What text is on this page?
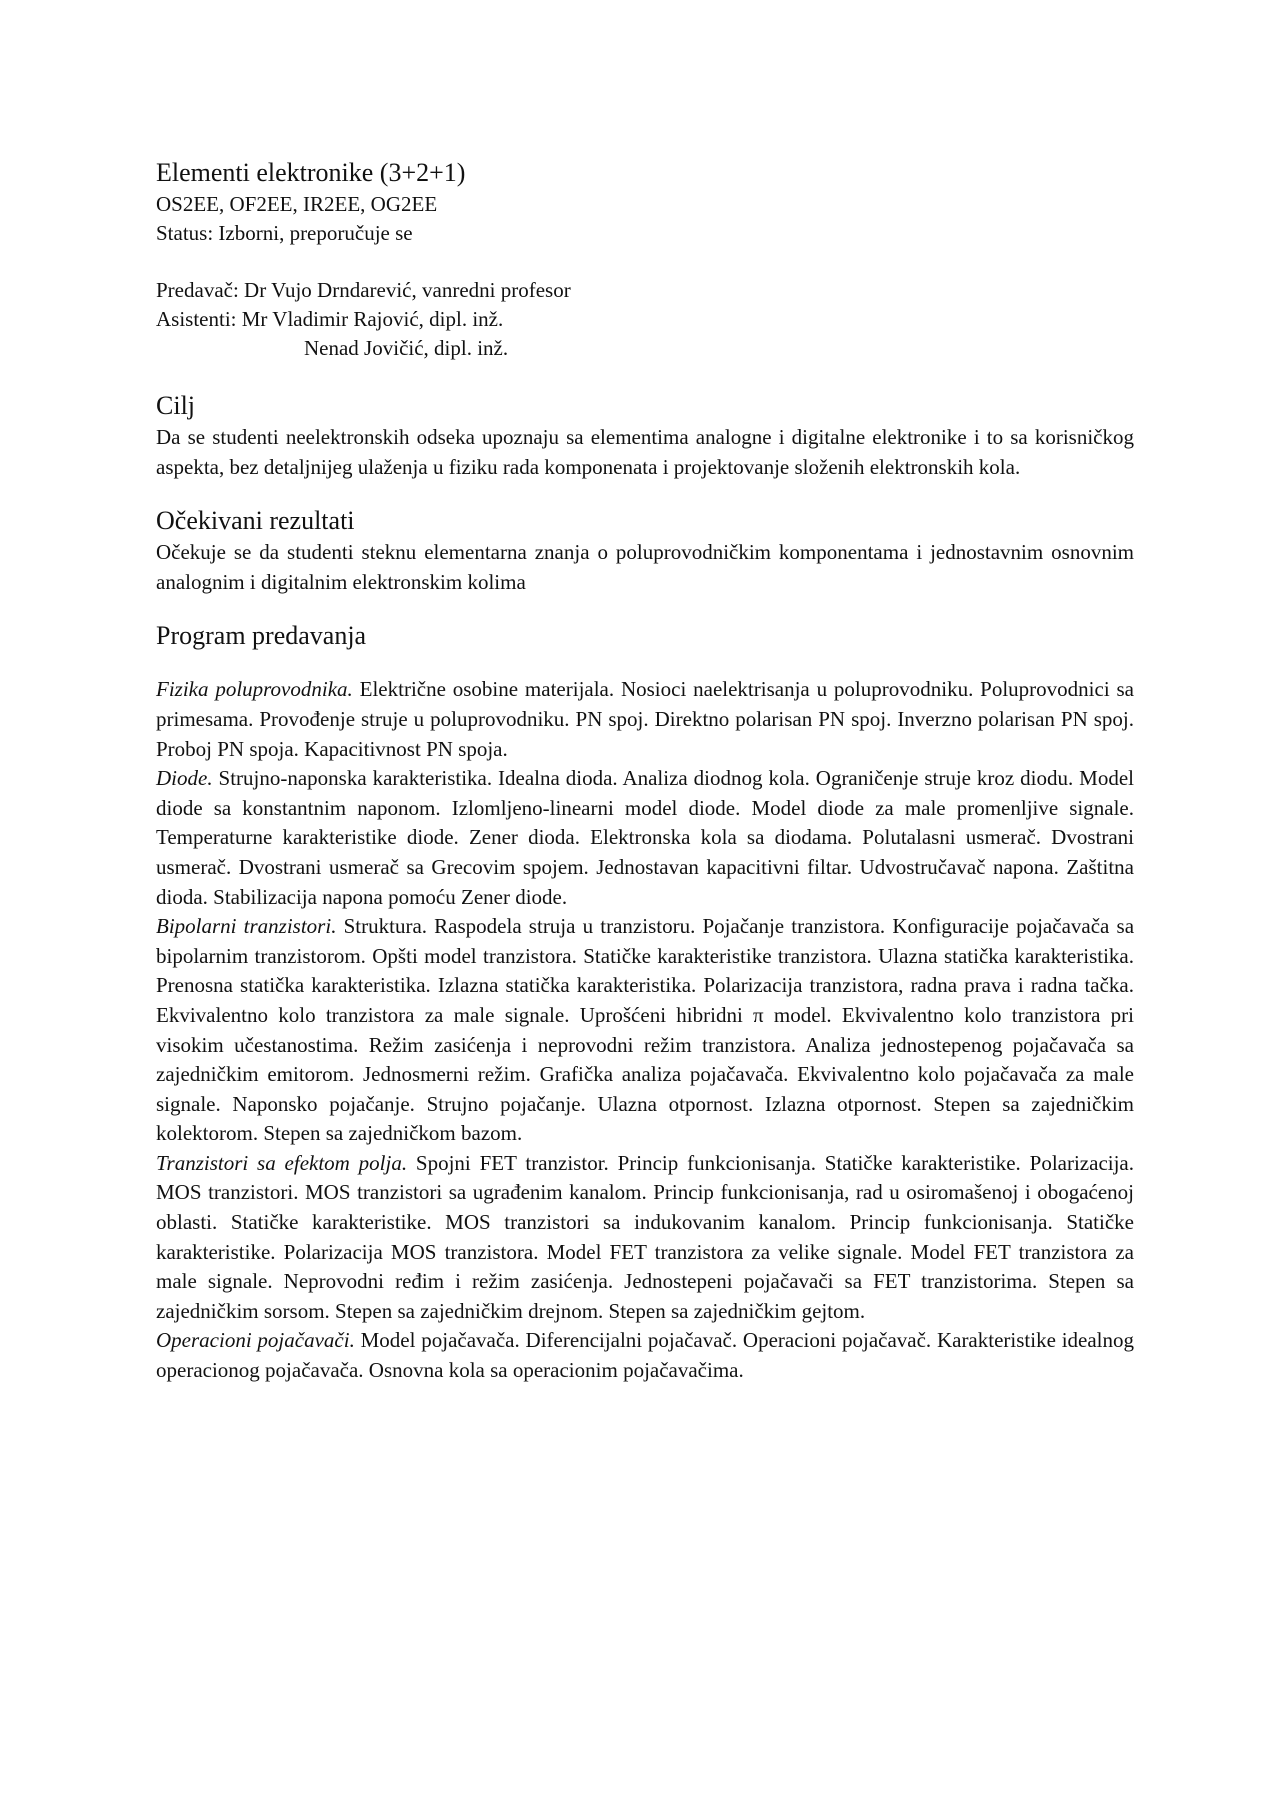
Elementi elektronike (3+2+1)

OS2EE, OF2EE, IR2EE, OG2EE

Status: Izborni, preporučuje se

Predavač: Dr Vujo Drndarević, vanredni profesor

Asistenti: Mr Vladimir Rajović, dipl. inž.

Nenad Jovičić, dipl. inž.

Cilj

Da se studenti neelektronskih odseka upoznaju sa elementima analogne i digitalne elektronike i to sa korisničkog aspekta, bez detaljnijeg ulaženja u fiziku rada komponenata i projektovanje složenih elektronskih kola.

Očekivani rezultati

Očekuje se da studenti steknu elementarna znanja o poluprovodničkim komponentama i jednostavnim osnovnim analognim i digitalnim elektronskim kolima

Program predavanja

Fizika poluprovodnika. Električne osobine materijala. Nosioci naelektrisanja u poluprovodniku. Poluprovodnici sa primesama. Provođenje struje u poluprovodniku. PN spoj. Direktno polarisan PN spoj. Inverzno polarisan PN spoj. Proboj PN spoja. Kapacitivnost PN spoja.

Diode. Strujno-naponska karakteristika. Idealna dioda. Analiza diodnog kola. Ograničenje struje kroz diodu. Model diode sa konstantnim naponom. Izlomljeno-linearni model diode. Model diode za male promenljive signale. Temperaturne karakteristike diode. Zener dioda. Elektronska kola sa diodama. Polutalasni usmerač. Dvostrani usmerač. Dvostrani usmerač sa Grecovim spojem. Jednostavan kapacitivni filtar. Udvostručavač napona. Zaštitna dioda. Stabilizacija napona pomoću Zener diode.

Bipolarni tranzistori. Struktura. Raspodela struja u tranzistoru. Pojačanje tranzistora. Konfiguracije pojačavača sa bipolarnim tranzistorom. Opšti model tranzistora. Statičke karakteristike tranzistora. Ulazna statička karakteristika. Prenosna statička karakteristika. Izlazna statička karakteristika. Polarizacija tranzistora, radna prava i radna tačka. Ekvivalentno kolo tranzistora za male signale. Uprošćeni hibridni π model. Ekvivalentno kolo tranzistora pri visokim učestanostima. Režim zasićenja i neprovodni režim tranzistora. Analiza jednostepenog pojačavača sa zajedničkim emitorom. Jednosmerni režim. Grafička analiza pojačavača. Ekvivalentno kolo pojačavača za male signale. Naponsko pojačanje. Strujno pojačanje. Ulazna otpornost. Izlazna otpornost. Stepen sa zajedničkim kolektorom. Stepen sa zajedničkom bazom.

Tranzistori sa efektom polja. Spojni FET tranzistor. Princip funkcionisanja. Statičke karakteristike. Polarizacija. MOS tranzistori. MOS tranzistori sa ugrađenim kanalom. Princip funkcionisanja, rad u osiromašenoj i obogaćenoj oblasti. Statičke karakteristike. MOS tranzistori sa indukovanim kanalom. Princip funkcionisanja. Statičke karakteristike. Polarizacija MOS tranzistora. Model FET tranzistora za velike signale. Model FET tranzistora za male signale. Neprovodni ređim i režim zasićenja. Jednostepeni pojačavači sa FET tranzistorima. Stepen sa zajedničkim sorsom. Stepen sa zajedničkim drejnom. Stepen sa zajedničkim gejtom.

Operacioni pojačavači. Model pojačavača. Diferencijalni pojačavač. Operacioni pojačavač. Karakteristike idealnog operacionog pojačavača. Osnovna kola sa operacionim pojačavačima.
